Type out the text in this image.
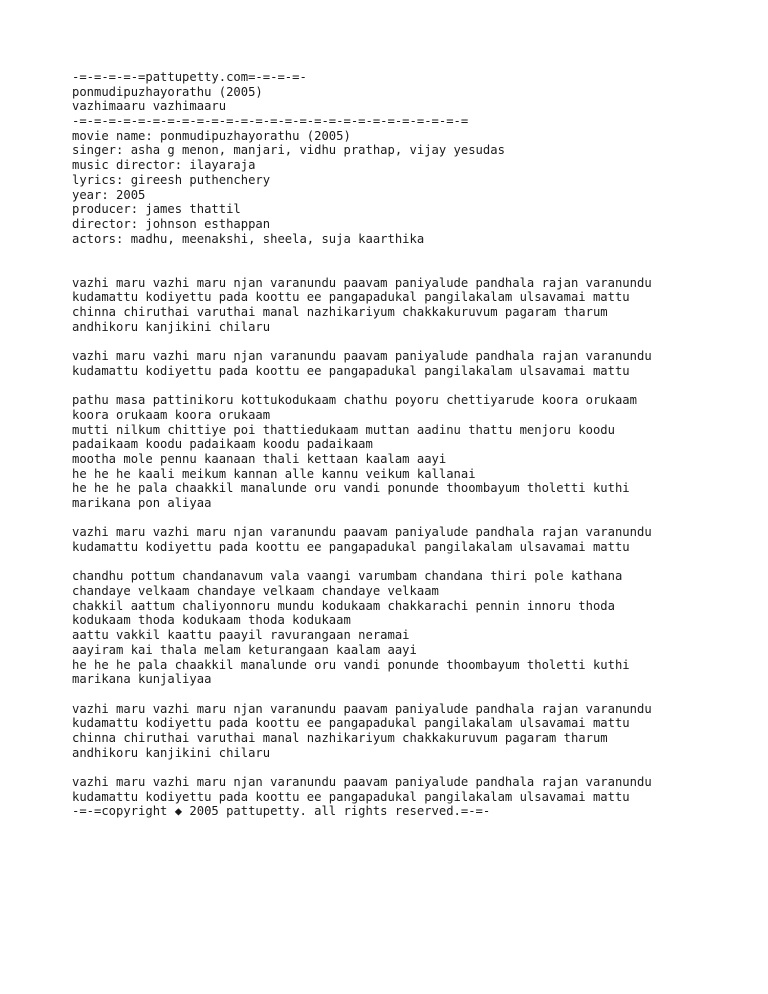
-=-=-=-=-=pattupetty.com=-=-=-=-
ponmudipuzhayorathu (2005)
vazhimaaru vazhimaaru
-=-=-=-=-=-=-=-=-=-=-=-=-=-=-=-=-=-=-=-=-=-=-=-=-=-=-=
movie name: ponmudipuzhayorathu (2005)
singer: asha g menon, manjari, vidhu prathap, vijay yesudas
music director: ilayaraja
lyrics: gireesh puthenchery
year: 2005
producer: james thattil
director: johnson esthappan
actors: madhu, meenakshi, sheela, suja kaarthika
vazhi maru vazhi maru njan varanundu paavam paniyalude pandhala rajan varanundu
kudamattu kodiyettu pada koottu ee pangapadukal pangilakalam ulsavamai mattu
chinna chiruthai varuthai manal nazhikariyum chakkakuruvum pagaram tharum
andhikoru kanjikini chilaru
vazhi maru vazhi maru njan varanundu paavam paniyalude pandhala rajan varanundu
kudamattu kodiyettu pada koottu ee pangapadukal pangilakalam ulsavamai mattu
pathu masa pattinikoru kottukodukaam chathu poyoru chettiyarude koora orukaam
koora orukaam koora orukaam
mutti nilkum chittiye poi thattiedukaam muttan aadinu thattu menjoru koodu
padaikaam koodu padaikaam koodu padaikaam
mootha mole pennu kaanaan thali kettaan kaalam aayi
he he he kaali meikum kannan alle kannu veikum kallanai
he he he pala chaakkil manalunde oru vandi ponunde thoombayum tholetti kuthi
marikana pon aliyaa
vazhi maru vazhi maru njan varanundu paavam paniyalude pandhala rajan varanundu
kudamattu kodiyettu pada koottu ee pangapadukal pangilakalam ulsavamai mattu
chandhu pottum chandanavum vala vaangi varumbam chandana thiri pole kathana
chandaye velkaam chandaye velkaam chandaye velkaam
chakkil aattum chaliyonnoru mundu kodukaam chakkarachi pennin innoru thoda
kodukaam thoda kodukaam thoda kodukaam
aattu vakkil kaattu paayil ravurangaan neramai
aayiram kai thala melam keturangaan kaalam aayi
he he he pala chaakkil manalunde oru vandi ponunde thoombayum tholetti kuthi
marikana kunjaliyaa
vazhi maru vazhi maru njan varanundu paavam paniyalude pandhala rajan varanundu
kudamattu kodiyettu pada koottu ee pangapadukal pangilakalam ulsavamai mattu
chinna chiruthai varuthai manal nazhikariyum chakkakuruvum pagaram tharum
andhikoru kanjikini chilaru
vazhi maru vazhi maru njan varanundu paavam paniyalude pandhala rajan varanundu
kudamattu kodiyettu pada koottu ee pangapadukal pangilakalam ulsavamai mattu
-=-=copyright ◆ 2005 pattupetty. all rights reserved.=-=-
